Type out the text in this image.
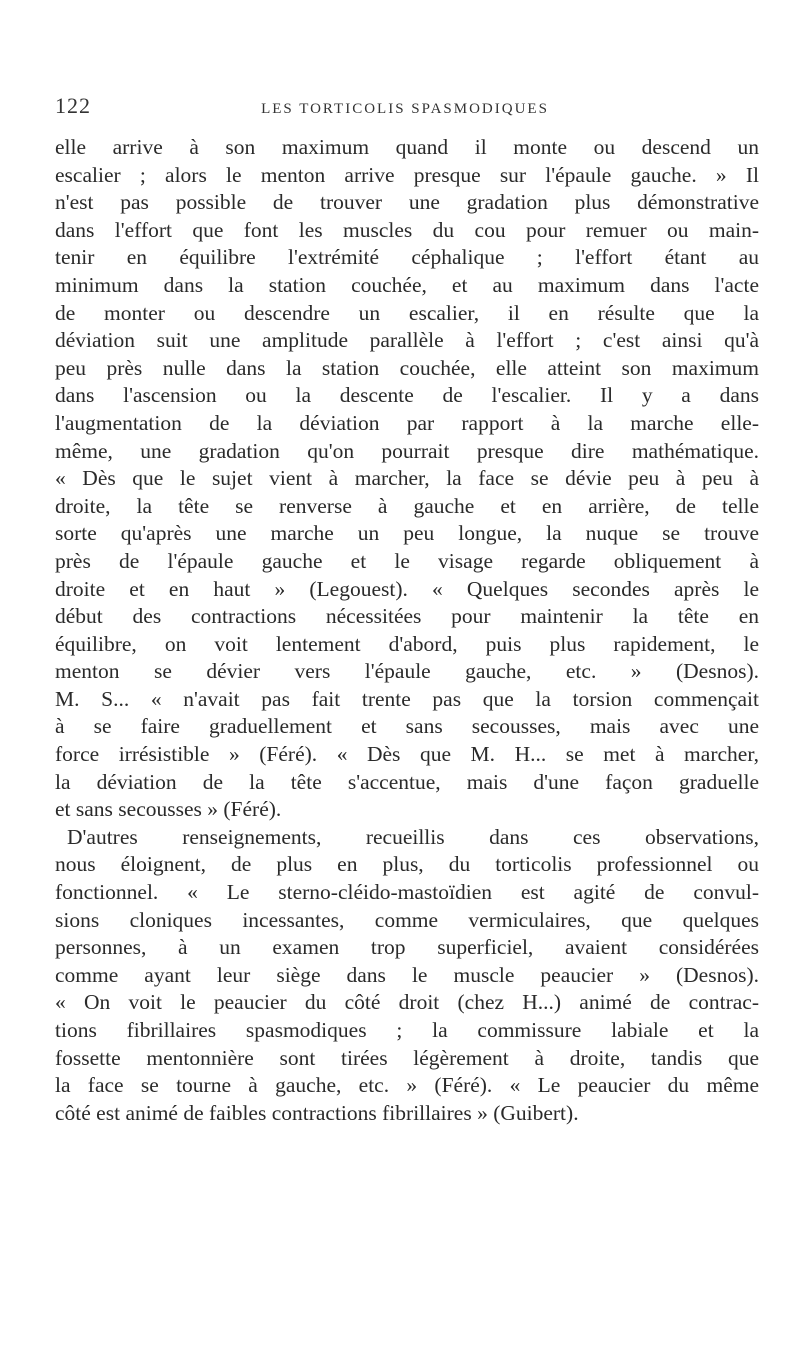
122	LES TORTICOLIS SPASMODIQUES
elle arrive à son maximum quand il monte ou descend un
escalier ; alors le menton arrive presque sur l'épaule gauche. » Il
n'est pas possible de trouver une gradation plus démonstrative
dans l'effort que font les muscles du cou pour remuer ou main-
tenir en équilibre l'extrémité céphalique ; l'effort étant au
minimum dans la station couchée, et au maximum dans l'acte
de monter ou descendre un escalier, il en résulte que la
déviation suit une amplitude parallèle à l'effort ; c'est ainsi qu'à
peu près nulle dans la station couchée, elle atteint son maximum
dans l'ascension ou la descente de l'escalier. Il y a dans
l'augmentation de la déviation par rapport à la marche elle-
même, une gradation qu'on pourrait presque dire mathématique.
« Dès que le sujet vient à marcher, la face se dévie peu à peu à
droite, la tête se renverse à gauche et en arrière, de telle
sorte qu'après une marche un peu longue, la nuque se trouve
près de l'épaule gauche et le visage regarde obliquement à
droite et en haut » (Legouest). « Quelques secondes après le
début des contractions nécessitées pour maintenir la tête en
équilibre, on voit lentement d'abord, puis plus rapidement, le
menton se dévier vers l'épaule gauche, etc. » (Desnos).
M. S... « n'avait pas fait trente pas que la torsion commençait
à se faire graduellement et sans secousses, mais avec une
force irrésistible » (Féré). « Dès que M. H... se met à marcher,
la déviation de la tête s'accentue, mais d'une façon graduelle
et sans secousses » (Féré).
D'autres renseignements, recueillis dans ces observations,
nous éloignent, de plus en plus, du torticolis professionnel ou
fonctionnel. « Le sterno-cléido-mastoïdien est agité de convul-
sions cloniques incessantes, comme vermiculaires, que quelques
personnes, à un examen trop superficiel, avaient considérées
comme ayant leur siège dans le muscle peaucier » (Desnos).
« On voit le peaucier du côté droit (chez H...) animé de contrac-
tions fibrillaires spasmodiques ; la commissure labiale et la
fossette mentonnière sont tirées légèrement à droite, tandis que
la face se tourne à gauche, etc. » (Féré). « Le peaucier du même
côté est animé de faibles contractions fibrillaires » (Guibert).
